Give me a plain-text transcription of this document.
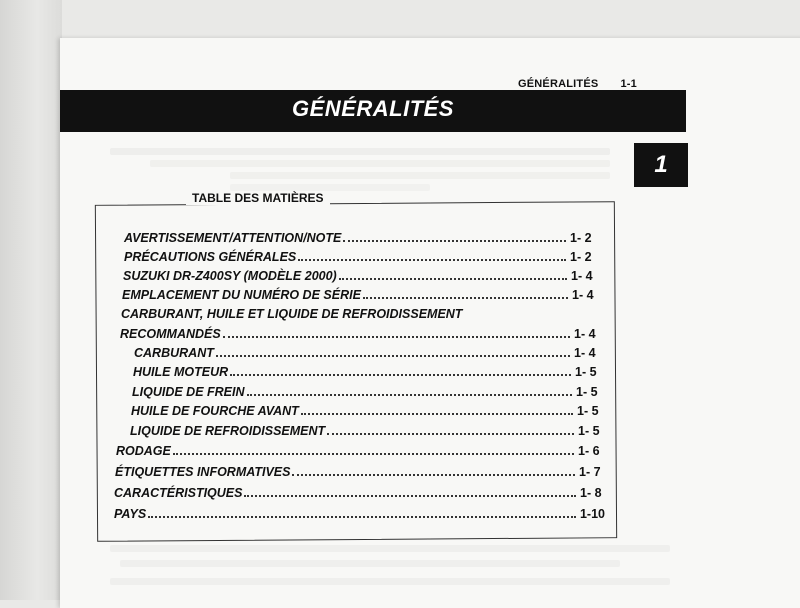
GÉNÉRALITÉS 1-1
GÉNÉRALITÉS
1
TABLE DES MATIÈRES
AVERTISSEMENT/ATTENTION/NOTE	1- 2
PRÉCAUTIONS GÉNÉRALES	1- 2
SUZUKI DR-Z400SY (MODÈLE 2000)	1- 4
EMPLACEMENT DU NUMÉRO DE SÉRIE	1- 4
CARBURANT, HUILE ET LIQUIDE DE REFROIDISSEMENT
RECOMMANDÉS	1- 4
CARBURANT	1- 4
HUILE MOTEUR	1- 5
LIQUIDE DE FREIN	1- 5
HUILE DE FOURCHE AVANT	1- 5
LIQUIDE DE REFROIDISSEMENT	1- 5
RODAGE	1- 6
ÉTIQUETTES INFORMATIVES	1- 7
CARACTÉRISTIQUES	1- 8
PAYS	1-10
